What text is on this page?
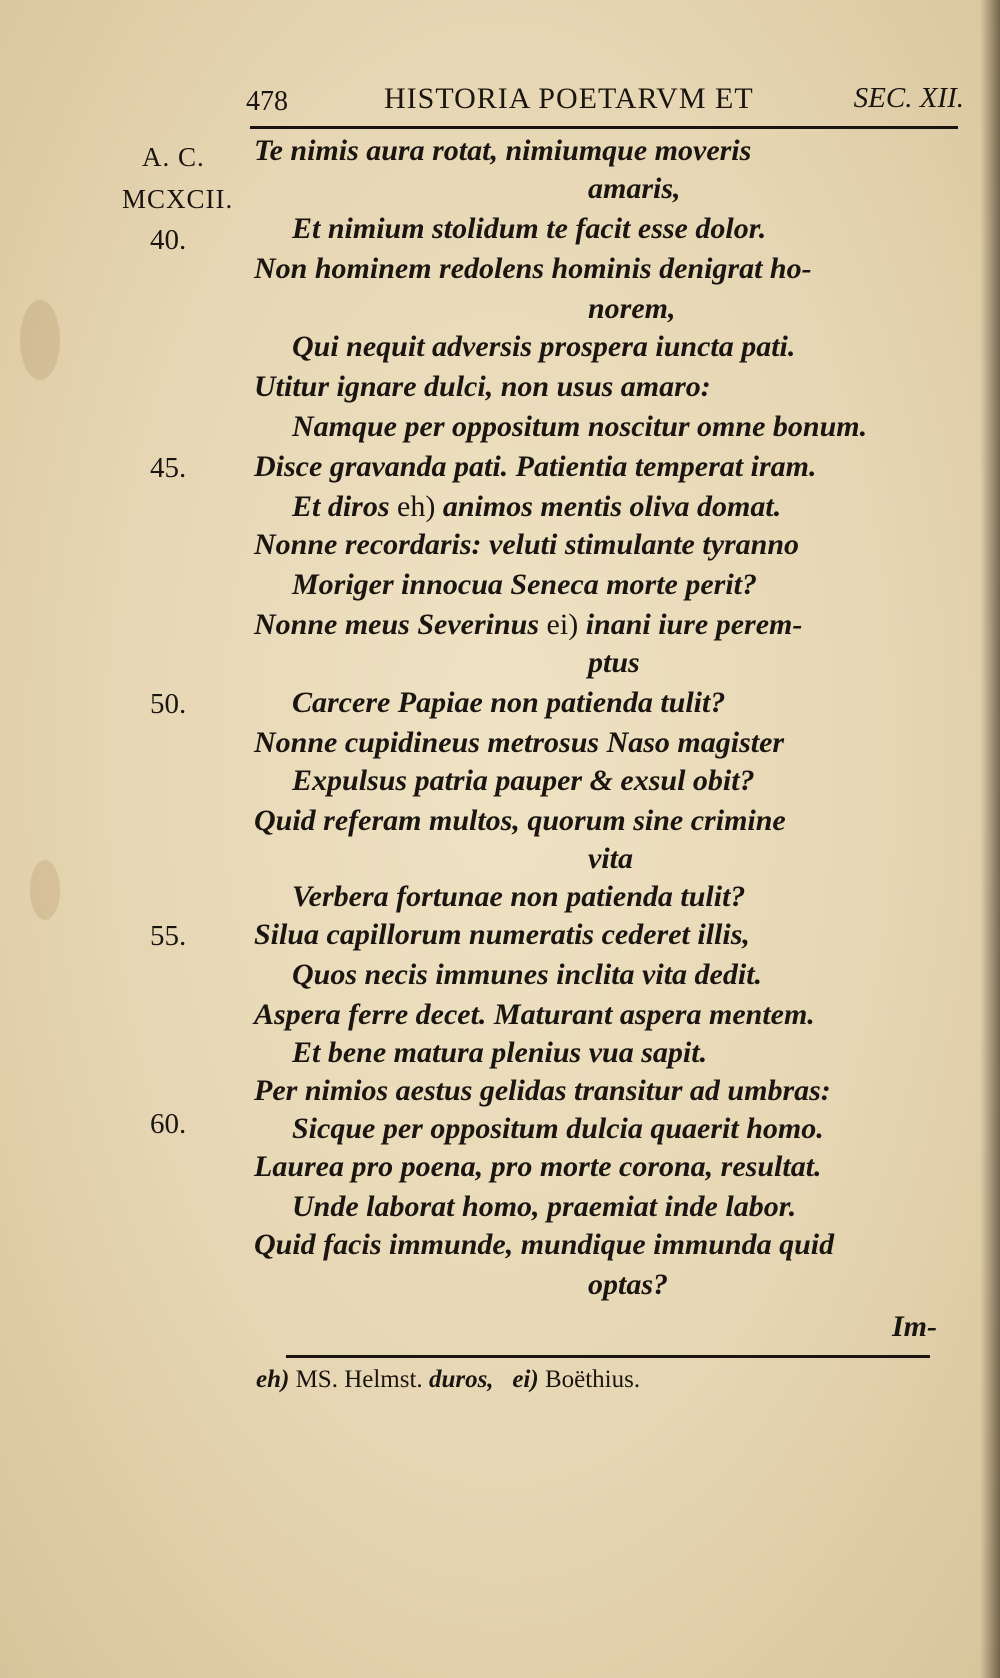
478	HISTORIA POETARVM ET	SEC. XII.
A. C.
MCXCII.
40.
45.
50.
55.
60.
Te nimis aura rotat, nimiumque moveris
amaris,
Et nimium stolidum te facit esse dolor.
Non hominem redolens hominis denigrat ho-
norem,
Qui nequit adversis prospera iuncta pati.
Utitur ignare dulci, non usus amaro:
Namque per oppositum noscitur omne bonum.
Disce gravanda pati. Patientia temperat iram.
Et diros eh) animos mentis oliva domat.
Nonne recordaris: veluti stimulante tyranno
Moriger innocua Seneca morte perit?
Nonne meus Severinus ei) inani iure perem-
ptus
Carcere Papiae non patienda tulit?
Nonne cupidineus metrosus Naso magister
Expulsus patria pauper & exsul obit?
Quid referam multos, quorum sine crimine
vita
Verbera fortunae non patienda tulit?
Silua capillorum numeratis cederet illis,
Quos necis immunes inclita vita dedit.
Aspera ferre decet. Maturant aspera mentem.
Et bene matura plenius vua sapit.
Per nimios aestus gelidas transitur ad umbras:
Sicque per oppositum dulcia quaerit homo.
Laurea pro poena, pro morte corona, resultat.
Unde laborat homo, praemiat inde labor.
Quid facis immunde, mundique immunda quid
optas?
Im-
eh) MS. Helmst. duros, ei) Boëthius.
